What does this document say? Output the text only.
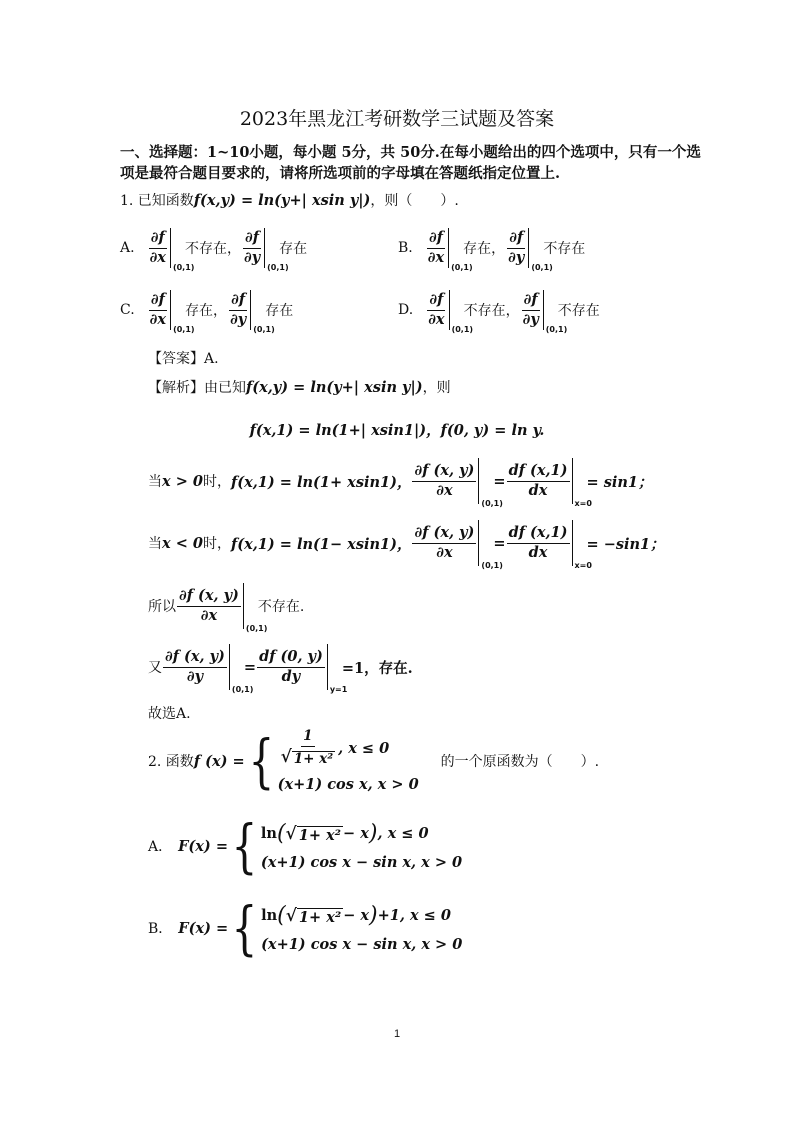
2023年黑龙江考研数学三试题及答案
一、选择题：1~10小题，每小题 5分，共 50分.在每小题给出的四个选项中，只有一个选
项是最符合题目要求的，请将所选项前的字母填在答题纸指定位置上.
1. 已知函数 f(x,y) = ln(y+| xsin y|) ，则（　　）.
A. $\frac{\partial f}{\partial x}$
(0,1)
不存在， $\frac{\partial f}{\partial y}$
(0,1)
存在	B. $\frac{\partial f}{\partial x}$
(0,1)
存在， $\frac{\partial f}{\partial y}$
(0,1)
不存在
C. $\frac{\partial f}{\partial x}$
(0,1)
存在， $\frac{\partial f}{\partial y}$
(0,1)
存在	D. $\frac{\partial f}{\partial x}$
(0,1)
不存在， $\frac{\partial f}{\partial y}$
(0,1)
不存在
【答案】A.
【解析】由已知 f(x,y) = ln(y+| xsin y|) ，则
f(x,1) = ln(1+| xsin1|)，f(0, y) = ln y.
当 x > 0 时， f(x,1) = ln(1+ xsin1)， $\frac{\partial f (x, y)}{\partial x}$
(0,1)
= $\frac{df (x,1)}{dx}$
x=0
= sin1；
当 x < 0 时， f(x,1) = ln(1− xsin1)， $\frac{\partial f (x, y)}{\partial x}$
(0,1)
= $\frac{df (x,1)}{dx}$
x=0
= −sin1；
所以 $\frac{\partial f (x, y)}{\partial x}$
(0,1)
不存在.
又 $\frac{\partial f (x, y)}{\partial y}$
(0,1)
= $\frac{df (0, y)}{dy}$
y=1
=1，存在.
故选A.
2. 函数 f (x) = { $\frac{1}{\text{√ 1+ x²}}$ , x ≤ 0
(x+1) cos x, x > 0
的一个原函数为（　　）.
A． F(x) = { ln ( √ 1+ x² − x ) , x ≤ 0
(x+1) cos x − sin x, x > 0
B． F(x) = { ln ( √ 1+ x² − x ) +1, x ≤ 0
(x+1) cos x − sin x, x > 0
1
